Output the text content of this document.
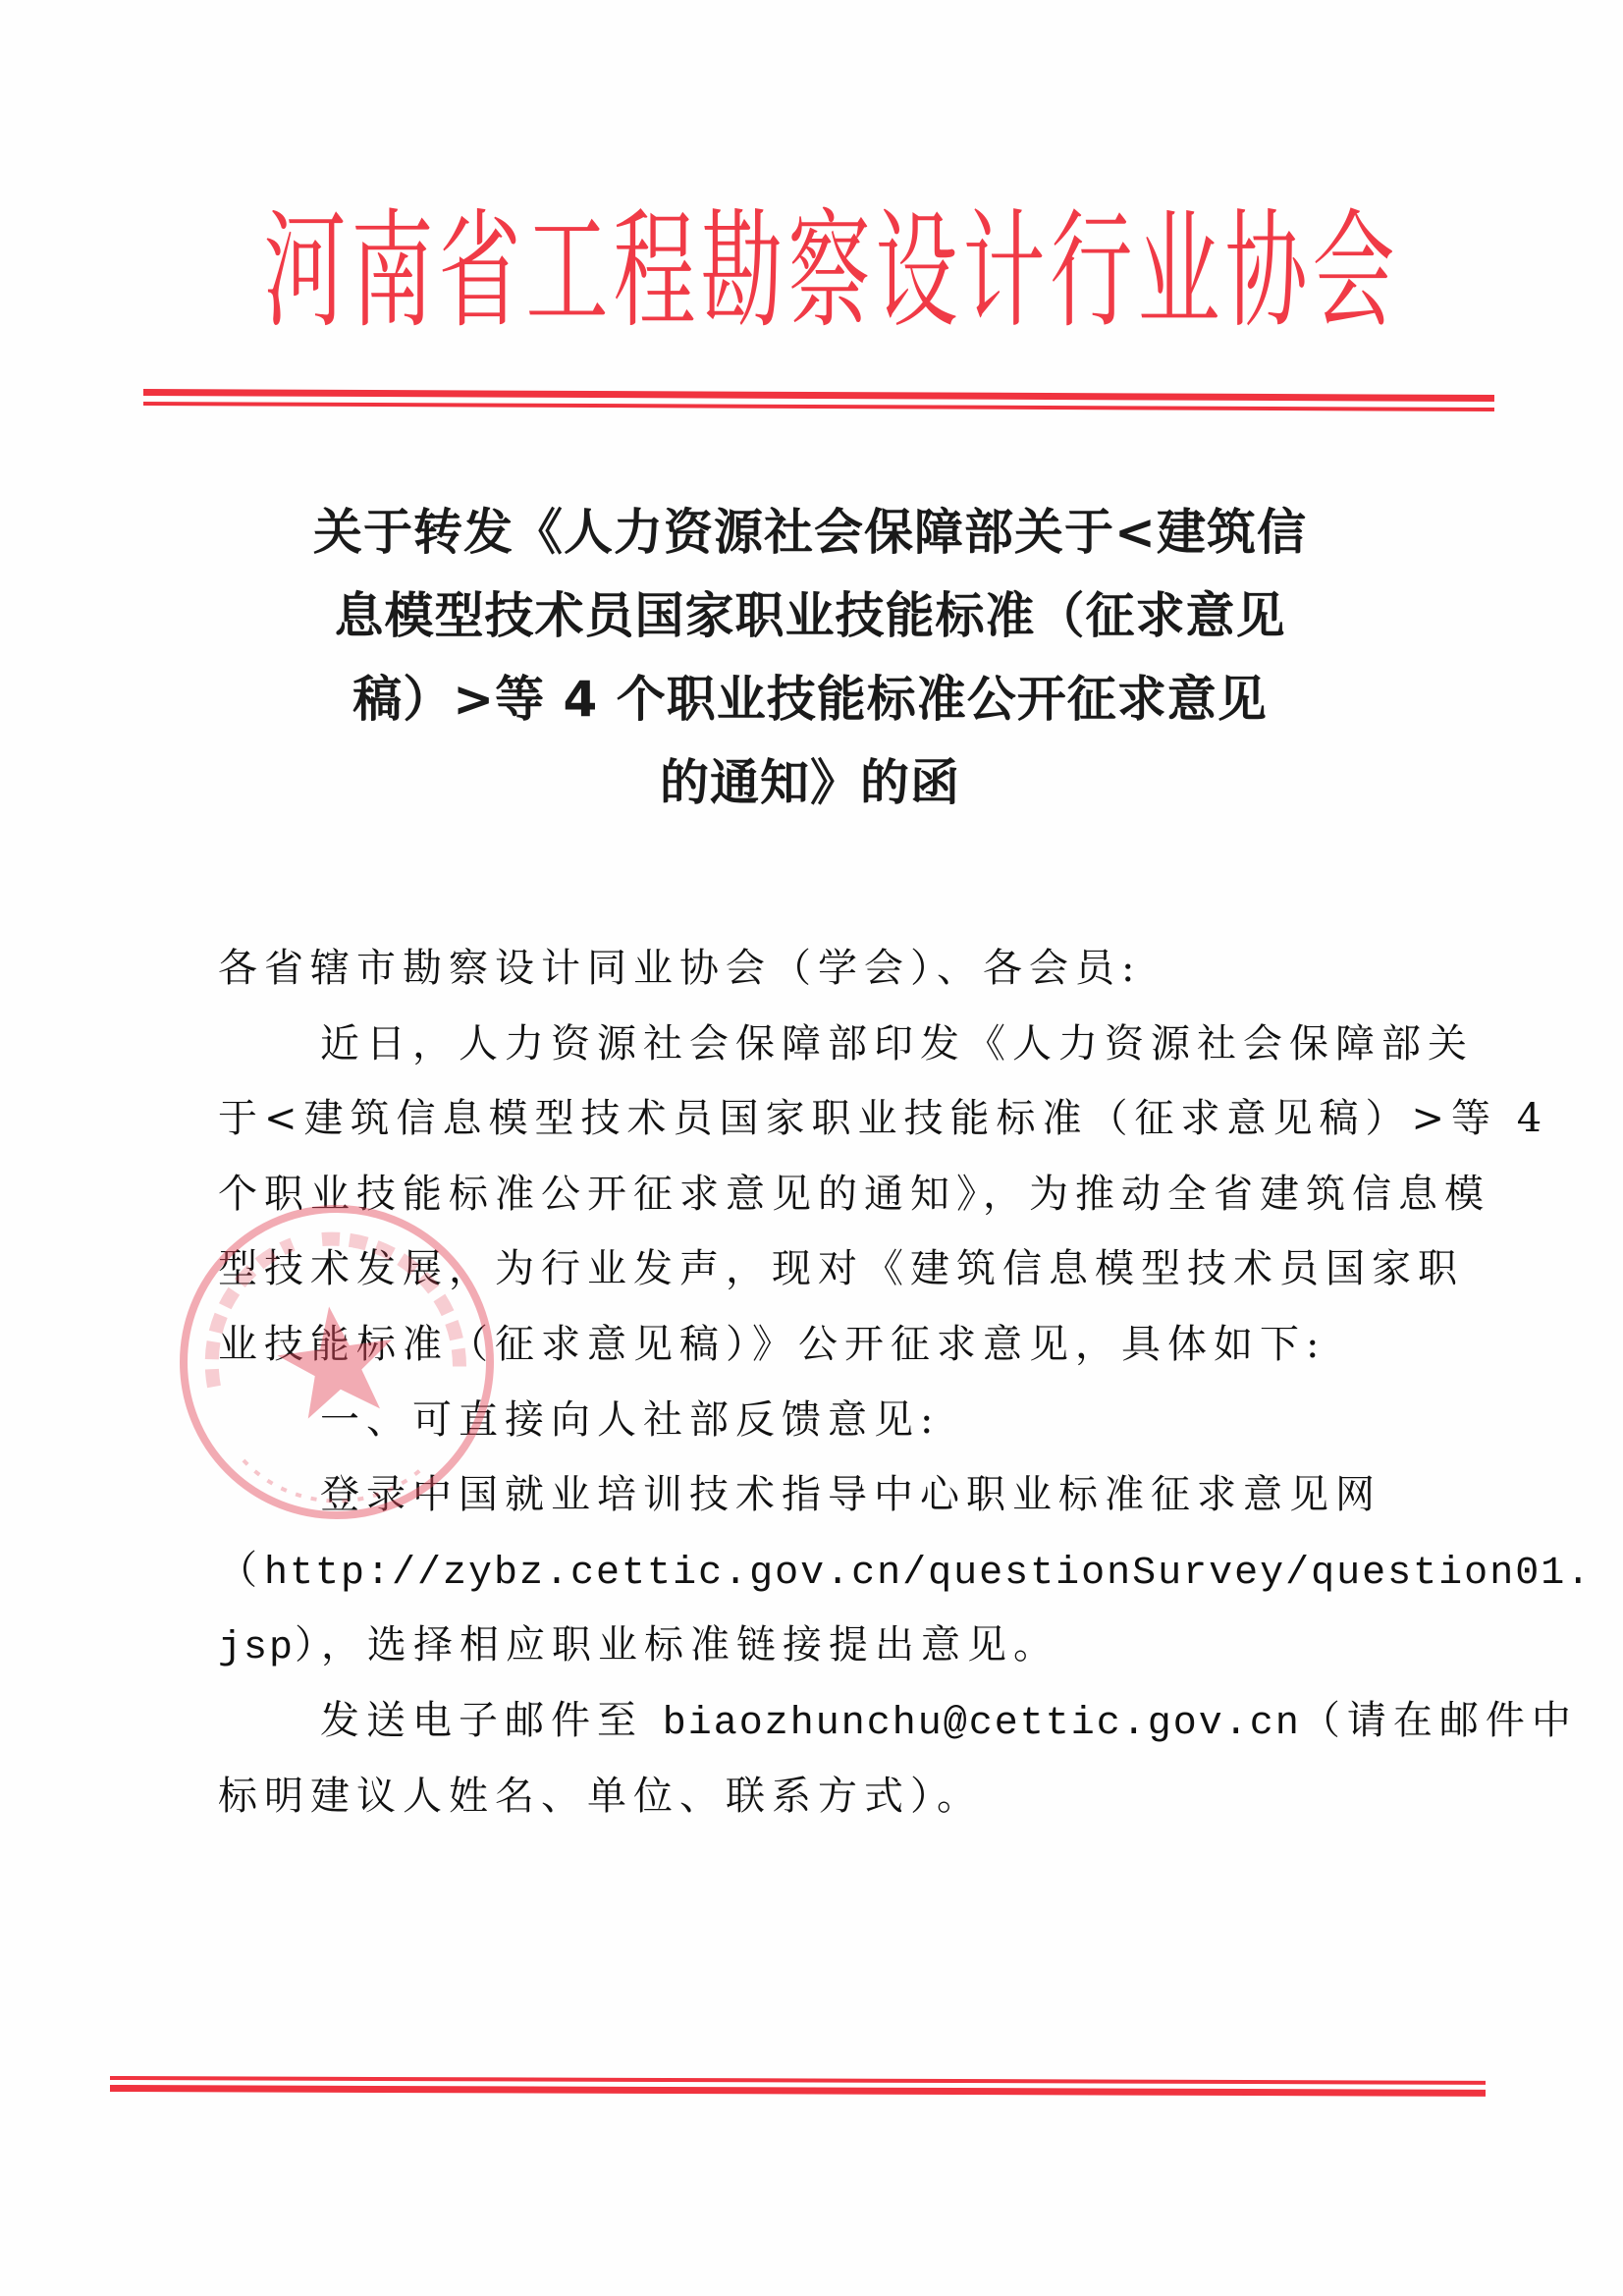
河南省工程勘察设计行业协会
关于转发《人力资源社会保障部关于<建筑信
息模型技术员国家职业技能标准（征求意见
稿）>等 4 个职业技能标准公开征求意见
的通知》的函
各省辖市勘察设计同业协会（学会）、各会员:
近日，人力资源社会保障部印发《人力资源社会保障部关
于<建筑信息模型技术员国家职业技能标准（征求意见稿）>等 4
个职业技能标准公开征求意见的通知》，为推动全省建筑信息模
型技术发展，为行业发声，现对《建筑信息模型技术员国家职
业技能标准（征求意见稿）》公开征求意见，具体如下:
一、可直接向人社部反馈意见:
登录中国就业培训技术指导中心职业标准征求意见网
（http://zybz.cettic.gov.cn/questionSurvey/question01.
jsp），选择相应职业标准链接提出意见。
发送电子邮件至 biaozhunchu@cettic.gov.cn（请在邮件中
标明建议人姓名、单位、联系方式）。
